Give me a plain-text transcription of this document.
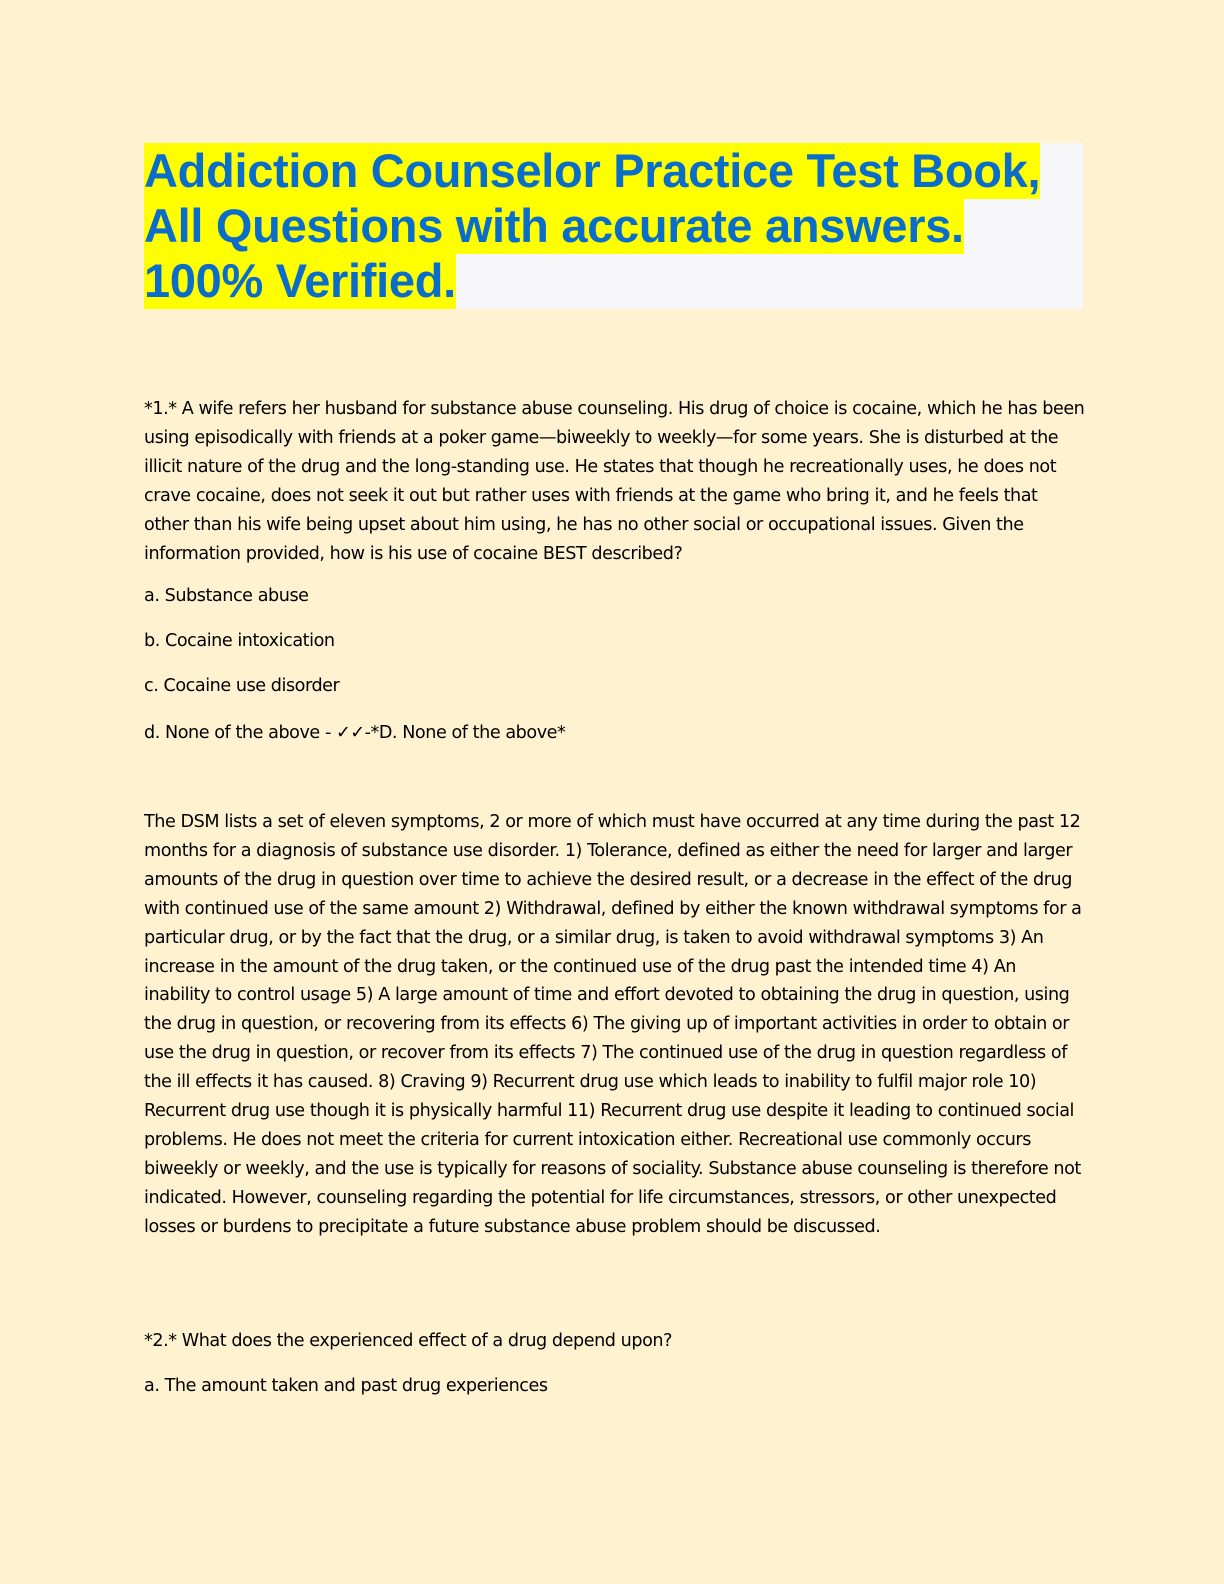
Addiction Counselor Practice Test Book,
All Questions with accurate answers.
100% Verified.
*1.* A wife refers her husband for substance abuse counseling. His drug of choice is cocaine, which he has been using episodically with friends at a poker game—biweekly to weekly—for some years. She is disturbed at the illicit nature of the drug and the long-standing use. He states that though he recreationally uses, he does not crave cocaine, does not seek it out but rather uses with friends at the game who bring it, and he feels that other than his wife being upset about him using, he has no other social or occupational issues. Given the information provided, how is his use of cocaine BEST described?
a. Substance abuse
b. Cocaine intoxication
c. Cocaine use disorder
d. None of the above - ✓✓-*D. None of the above*
The DSM lists a set of eleven symptoms, 2 or more of which must have occurred at any time during the past 12 months for a diagnosis of substance use disorder. 1) Tolerance, defined as either the need for larger and larger amounts of the drug in question over time to achieve the desired result, or a decrease in the effect of the drug with continued use of the same amount 2) Withdrawal, defined by either the known withdrawal symptoms for a particular drug, or by the fact that the drug, or a similar drug, is taken to avoid withdrawal symptoms 3) An increase in the amount of the drug taken, or the continued use of the drug past the intended time 4) An inability to control usage 5) A large amount of time and effort devoted to obtaining the drug in question, using the drug in question, or recovering from its effects 6) The giving up of important activities in order to obtain or use the drug in question, or recover from its effects 7) The continued use of the drug in question regardless of the ill effects it has caused. 8) Craving 9) Recurrent drug use which leads to inability to fulfil major role 10) Recurrent drug use though it is physically harmful 11) Recurrent drug use despite it leading to continued social problems. He does not meet the criteria for current intoxication either. Recreational use commonly occurs biweekly or weekly, and the use is typically for reasons of sociality. Substance abuse counseling is therefore not indicated. However, counseling regarding the potential for life circumstances, stressors, or other unexpected losses or burdens to precipitate a future substance abuse problem should be discussed.
*2.* What does the experienced effect of a drug depend upon?
a. The amount taken and past drug experiences
